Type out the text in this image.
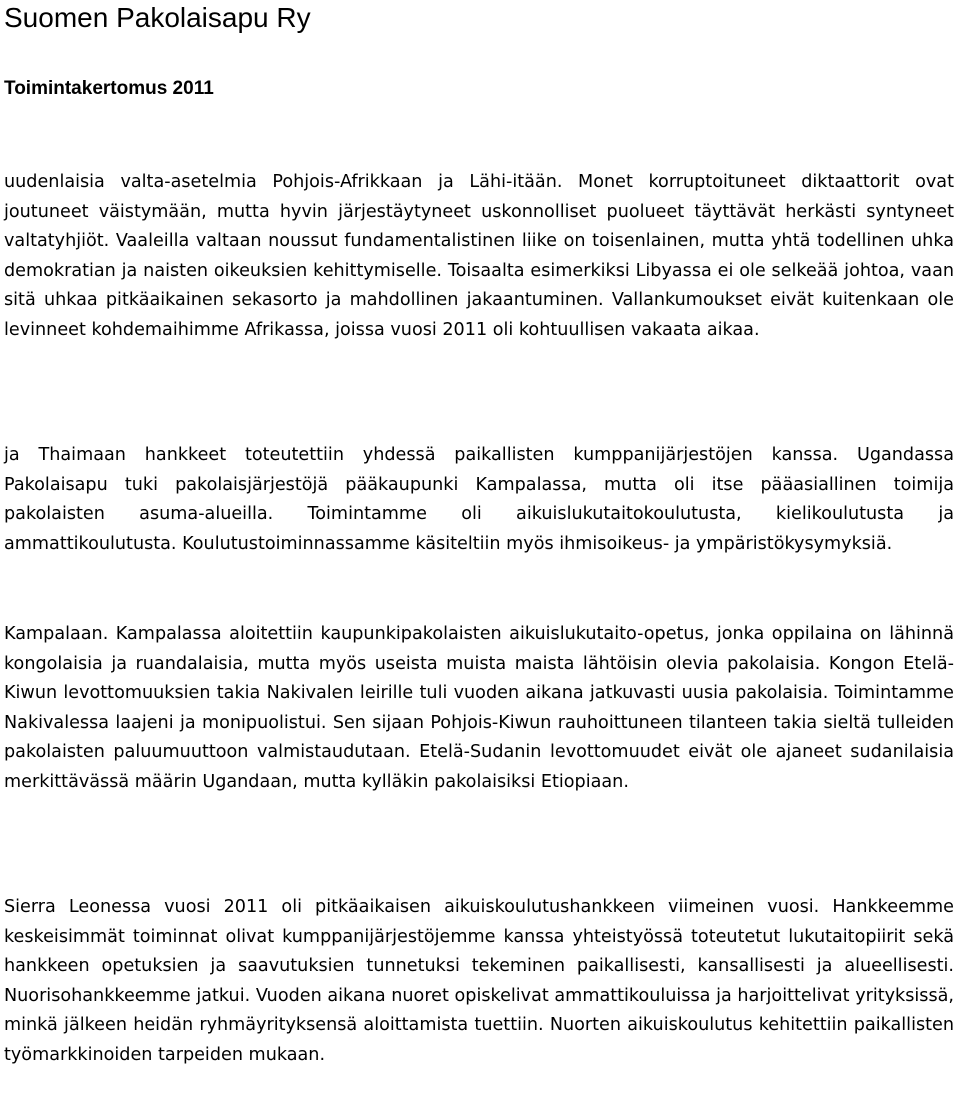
Suomen Pakolaisapu Ry
Toimintakertomus 2011

uudenlaisia valta-asetelmia Pohjois-Afrikkaan ja Lähi-itään. Monet korruptoituneet diktaattorit ovat joutuneet väistymään, mutta hyvin järjestäytyneet uskonnolliset puolueet täyttävät herkästi syntyneet valtatyhjiöt. Vaaleilla valtaan noussut fundamentalistinen liike on toisenlainen, mutta yhtä todellinen uhka demokratian ja naisten oikeuksien kehittymiselle. Toisaalta esimerkiksi Libyassa ei ole selkeää johtoa, vaan sitä uhkaa pitkäaikainen sekasorto ja mahdollinen jakaantuminen. Vallankumoukset eivät kuitenkaan ole levinneet kohdemaihimme Afrikassa, joissa vuosi 2011 oli kohtuullisen vakaata aikaa.

ja Thaimaan hankkeet toteutettiin yhdessä paikallisten kumppanijärjestöjen kanssa. Ugandassa Pakolaisapu tuki pakolaisjärjestöjä pääkaupunki Kampalassa, mutta oli itse pääasiallinen toimija pakolaisten asuma-alueilla. Toimintamme oli aikuislukutaitokoulutusta, kielikoulutusta ja ammattikoulutusta. Koulutustoiminnassamme käsiteltiin myös ihmisoikeus- ja ympäristökysymyksiä.

Kampalaan. Kampalassa aloitettiin kaupunkipakolaisten aikuislukutaito-opetus, jonka oppilaina on lähinnä kongolaisia ja ruandalaisia, mutta myös useista muista maista lähtöisin olevia pakolaisia. Kongon Etelä-Kiwun levottomuuksien takia Nakivalen leirille tuli vuoden aikana jatkuvasti uusia pakolaisia. Toimintamme Nakivalessa laajeni ja monipuolistui. Sen sijaan Pohjois-Kiwun rauhoittuneen tilanteen takia sieltä tulleiden pakolaisten paluumuuttoon valmistaudutaan. Etelä-Sudanin levottomuudet eivät ole ajaneet sudanilaisia merkittävässä määrin Ugandaan, mutta kylläkin pakolaisiksi Etiopiaan.

Sierra Leonessa vuosi 2011 oli pitkäaikaisen aikuiskoulutushankkeen viimeinen vuosi. Hankkeemme keskeisimmät toiminnat olivat kumppanijärjestöjemme kanssa yhteistyössä toteutetut lukutaitopiirit sekä hankkeen opetuksien ja saavutuksien tunnetuksi tekeminen paikallisesti, kansallisesti ja alueellisesti. Nuorisohankkeemme jatkui. Vuoden aikana nuoret opiskelivat ammattikouluissa ja harjoittelivat yrityksissä, minkä jälkeen heidän ryhmäyrityksensä aloittamista tuettiin. Nuorten aikuiskoulutus kehitettiin paikallisten työmarkkinoiden tarpeiden mukaan.
